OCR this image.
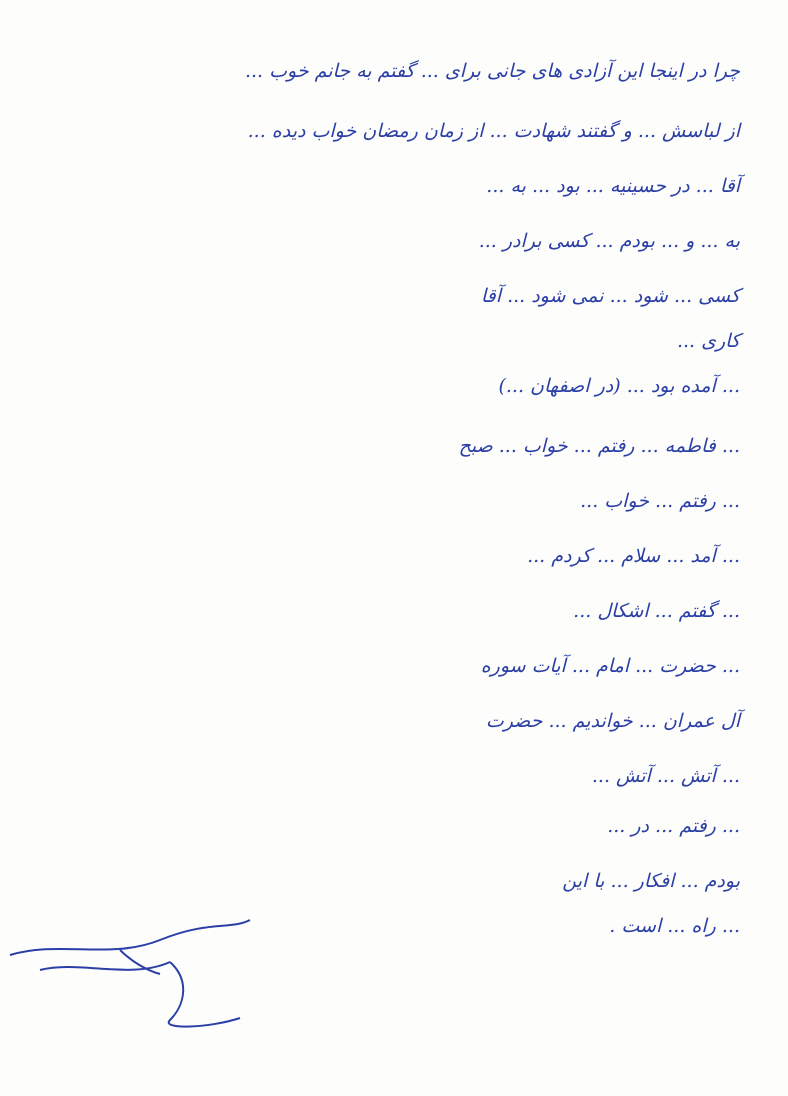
چرا در اینجا این آزادی های جانی برای ... گفتم به جانم خوب ...
از لباسش ... و گفتند شهادت ... از زمان رمضان خواب دیده ...
آقا ... در حسینیه ... بود ... به ...
به ... و ... بودم ... کسی برادر ...
کسی ... شود ... نمی شود ... آقا
کاری ...
... آمده بود ... (در اصفهان ...)
... فاطمه ... رفتم ... خواب ... صبح
... رفتم ... خواب ...
... آمد ... سلام ... کردم ...
... گفتم ... اشکال ...
... حضرت ... امام ... آیات سوره
آل عمران ... خواندیم ... حضرت
... آتش ... آتش ...
... رفتم ... در ...
بودم ... افکار ... با این
... راه ... است .
